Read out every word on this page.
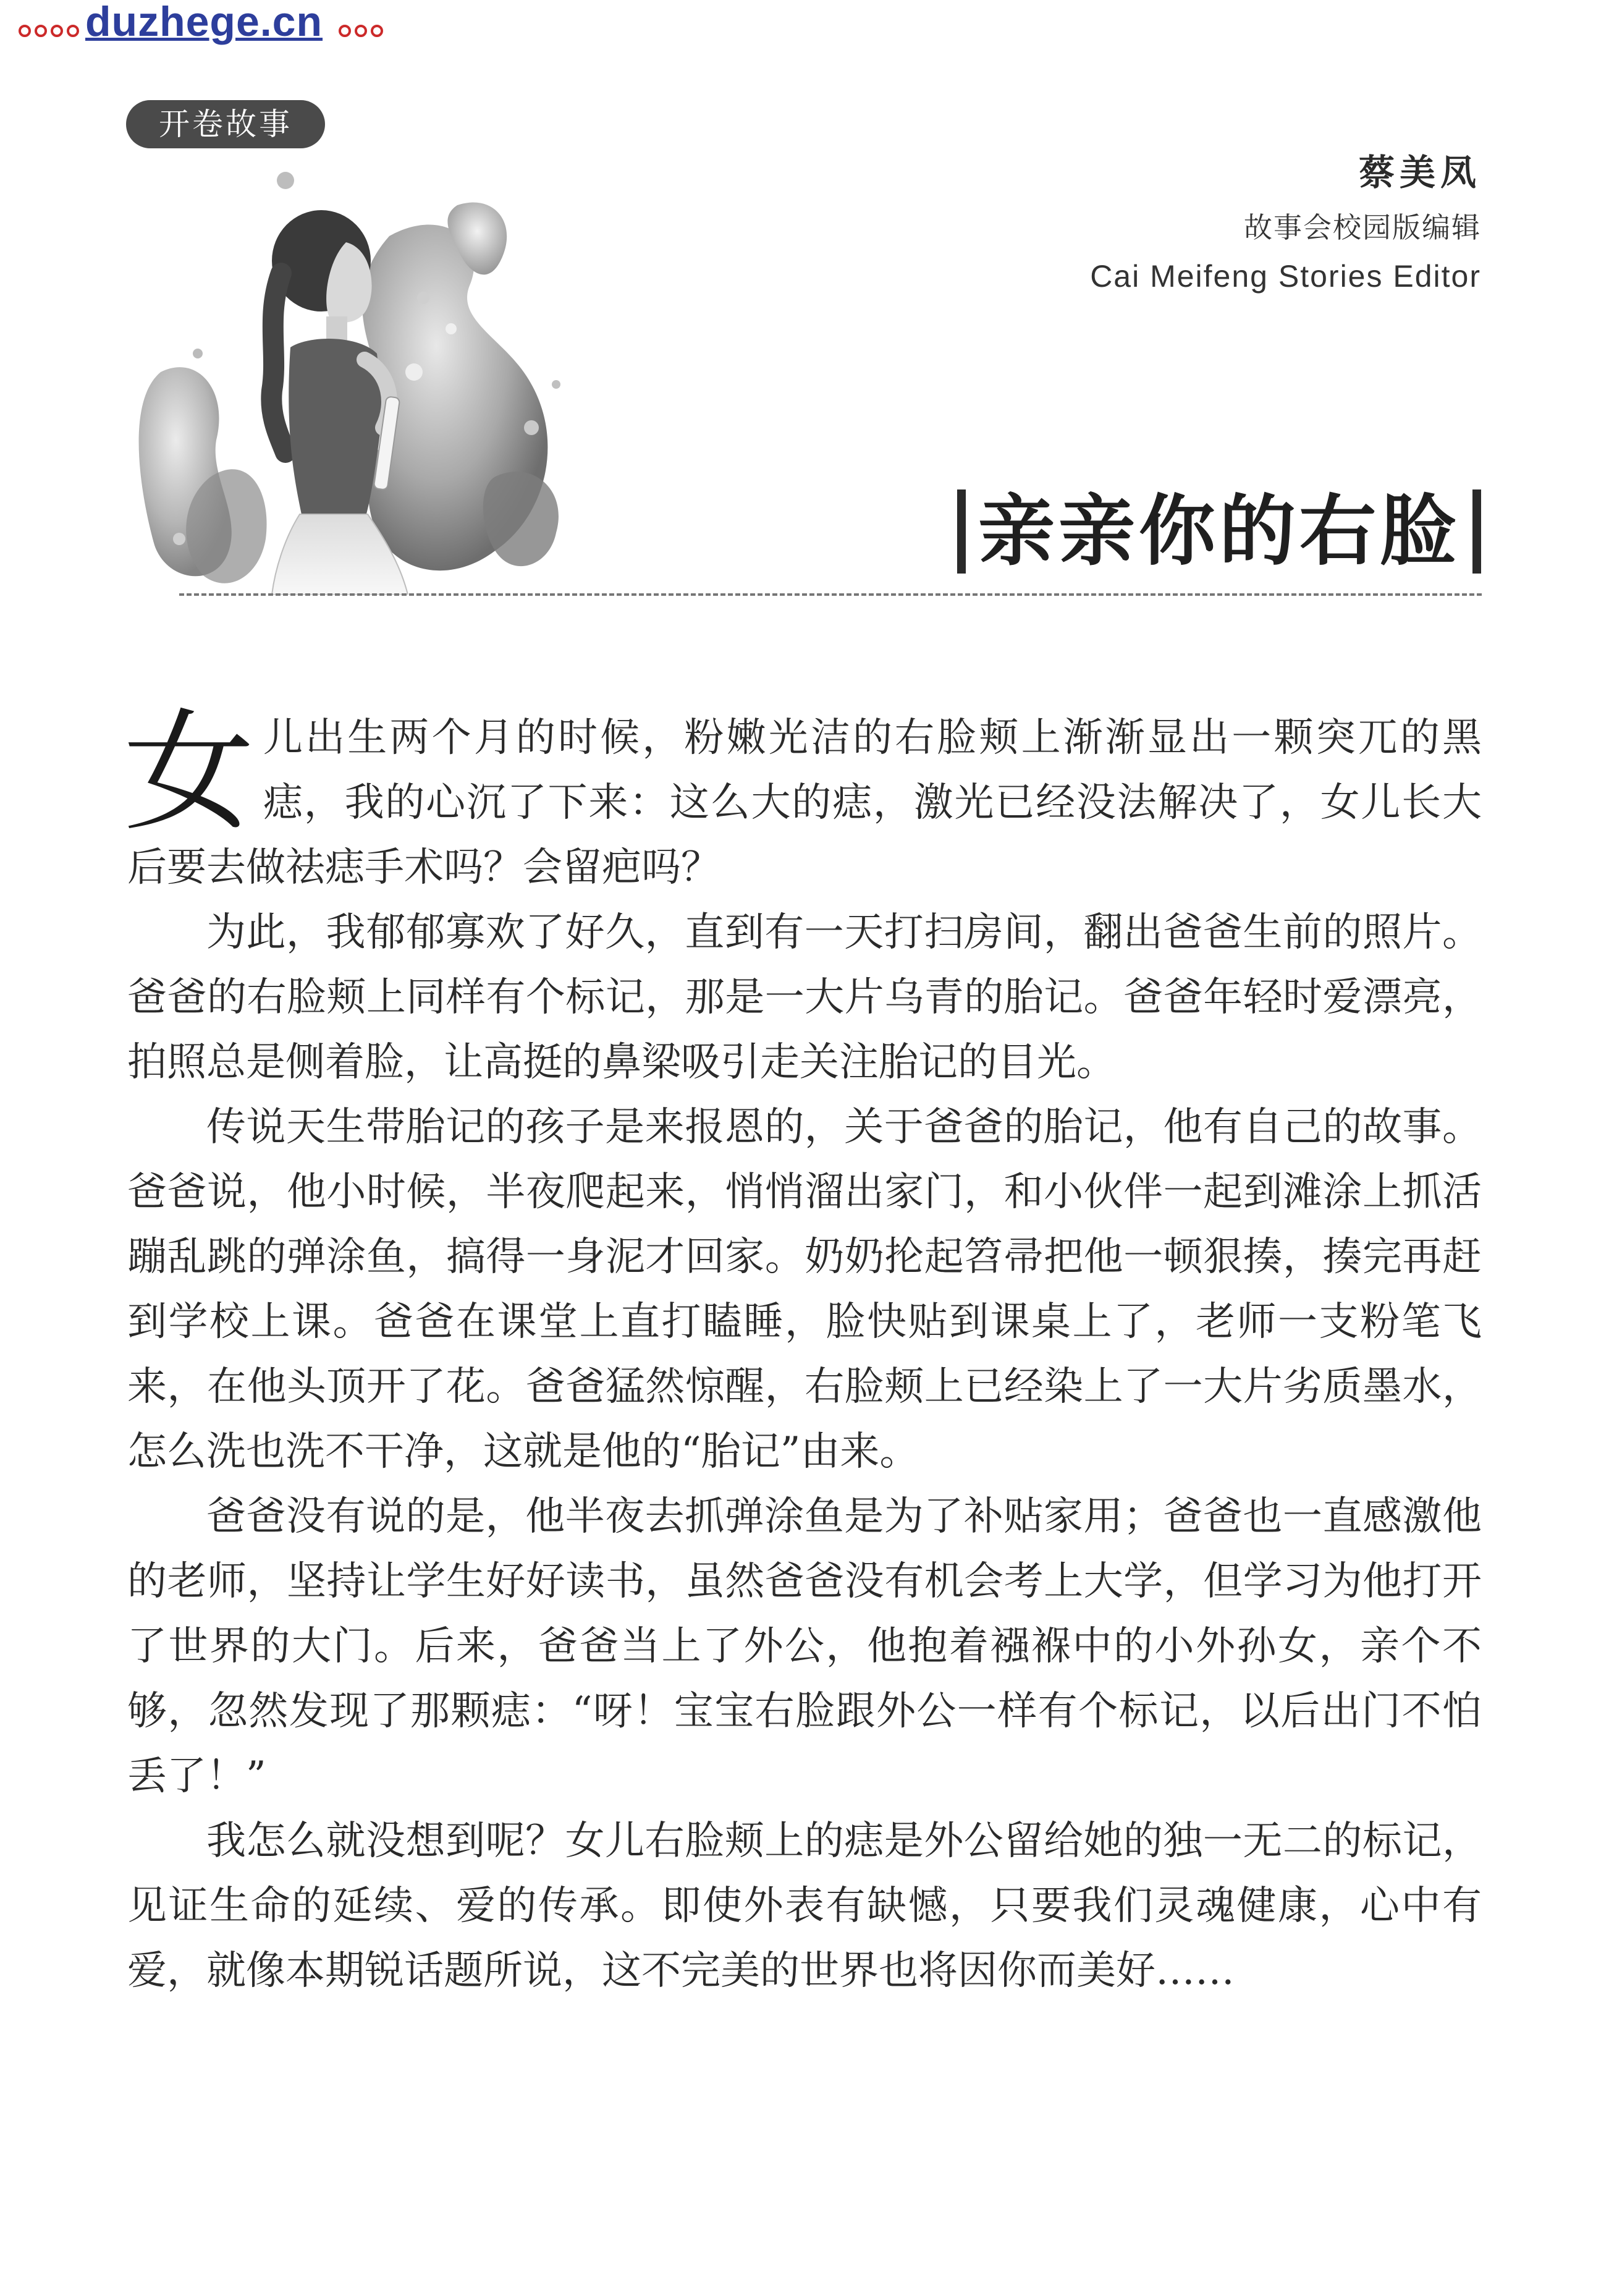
duzhege.cn
开卷故事
蔡美凤
故事会校园版编辑
Cai Meifeng Stories Editor
亲亲你的右脸

女儿出生两个月的时候，粉嫩光洁的右脸颊上渐渐显出一颗突兀的黑痣，我的心沉了下来：这么大的痣，激光已经没法解决了，女儿长大后要去做祛痣手术吗？会留疤吗？

为此，我郁郁寡欢了好久，直到有一天打扫房间，翻出爸爸生前的照片。爸爸的右脸颊上同样有个标记，那是一大片乌青的胎记。爸爸年轻时爱漂亮，拍照总是侧着脸，让高挺的鼻梁吸引走关注胎记的目光。

传说天生带胎记的孩子是来报恩的，关于爸爸的胎记，他有自己的故事。爸爸说，他小时候，半夜爬起来，悄悄溜出家门，和小伙伴一起到滩涂上抓活蹦乱跳的弹涂鱼，搞得一身泥才回家。奶奶抡起笤帚把他一顿狠揍，揍完再赶到学校上课。爸爸在课堂上直打瞌睡，脸快贴到课桌上了，老师一支粉笔飞来，在他头顶开了花。爸爸猛然惊醒，右脸颊上已经染上了一大片劣质墨水，怎么洗也洗不干净，这就是他的“胎记”由来。

爸爸没有说的是，他半夜去抓弹涂鱼是为了补贴家用；爸爸也一直感激他的老师，坚持让学生好好读书，虽然爸爸没有机会考上大学，但学习为他打开了世界的大门。后来，爸爸当上了外公，他抱着襁褓中的小外孙女，亲个不够，忽然发现了那颗痣：“呀！宝宝右脸跟外公一样有个标记，以后出门不怕丢了！”

我怎么就没想到呢？女儿右脸颊上的痣是外公留给她的独一无二的标记，见证生命的延续、爱的传承。即使外表有缺憾，只要我们灵魂健康，心中有爱，就像本期锐话题所说，这不完美的世界也将因你而美好……
